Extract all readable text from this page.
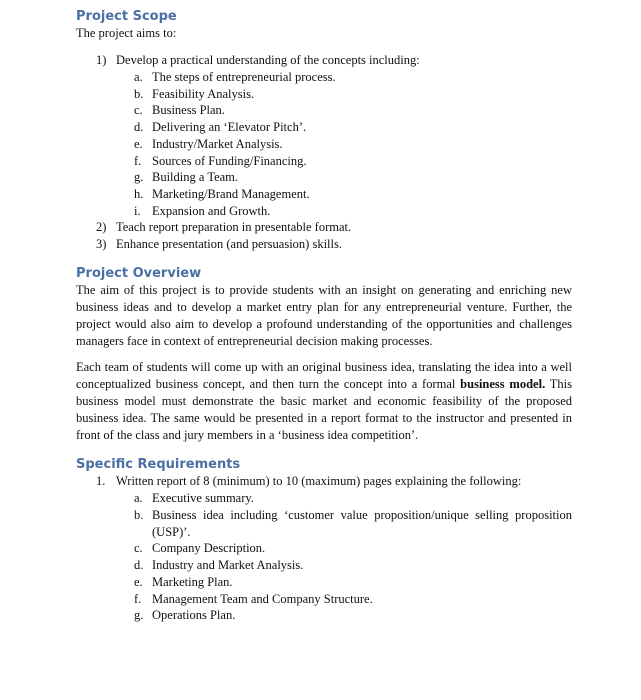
Project Scope

The project aims to:

1) Develop a practical understanding of the concepts including:
a. The steps of entrepreneurial process.
b. Feasibility Analysis.
c. Business Plan.
d. Delivering an ‘Elevator Pitch’.
e. Industry/Market Analysis.
f. Sources of Funding/Financing.
g. Building a Team.
h. Marketing/Brand Management.
i. Expansion and Growth.
2) Teach report preparation in presentable format.
3) Enhance presentation (and persuasion) skills.
Project Overview

The aim of this project is to provide students with an insight on generating and enriching new business ideas and to develop a market entry plan for any entrepreneurial venture. Further, the project would also aim to develop a profound understanding of the opportunities and challenges managers face in context of entrepreneurial decision making processes.

Each team of students will come up with an original business idea, translating the idea into a well conceptualized business concept, and then turn the concept into a formal business model. This business model must demonstrate the basic market and economic feasibility of the proposed business idea. The same would be presented in a report format to the instructor and presented in front of the class and jury members in a ‘business idea competition’.

Specific Requirements
1. Written report of 8 (minimum) to 10 (maximum) pages explaining the following:
a. Executive summary.
b. Business idea including ‘customer value proposition/unique selling proposition (USP)’.
c. Company Description.
d. Industry and Market Analysis.
e. Marketing Plan.
f. Management Team and Company Structure.
g. Operations Plan.
